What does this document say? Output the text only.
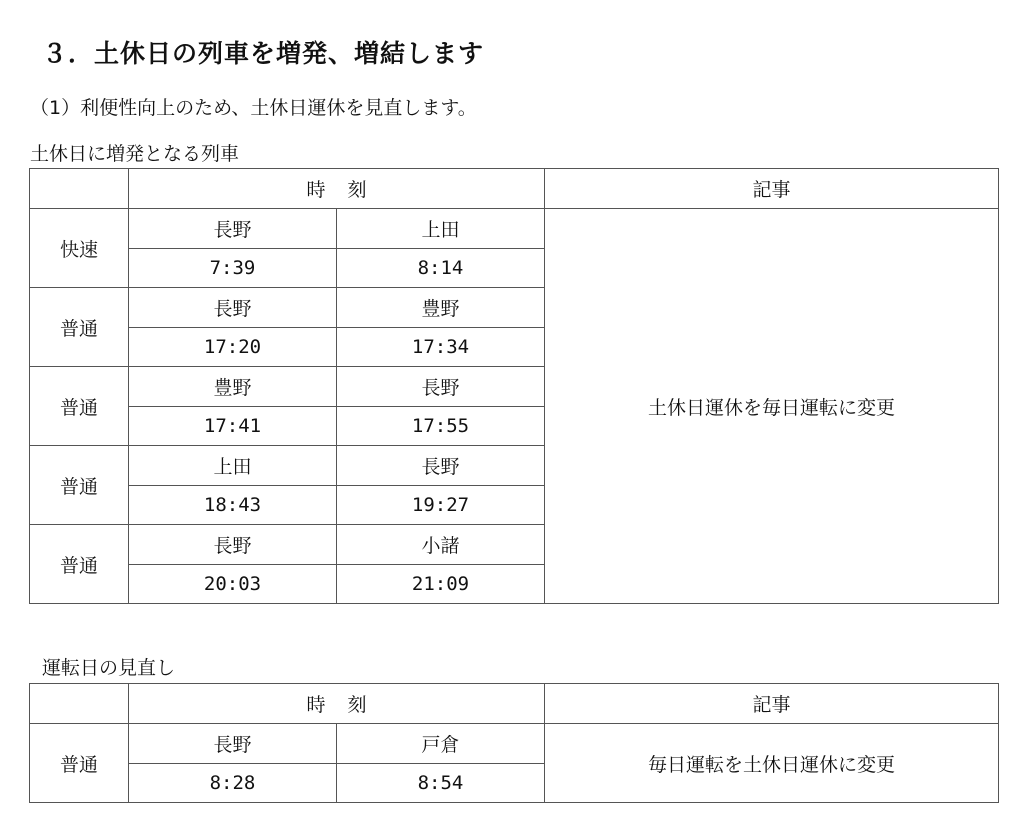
３．土休日の列車を増発、増結します
（1）利便性向上のため、土休日運休を見直します。
土休日に増発となる列車
	時 刻		記事
快速	長野	上田	土休日運休を毎日運転に変更
	7:39	8:14	
普通	長野	豊野	
	17:20	17:34	
普通	豊野	長野	
	17:41	17:55	
普通	上田	長野	
	18:43	19:27	
普通	長野	小諸	
	20:03	21:09	
運転日の見直し
	時 刻		記事
普通	長野	戸倉	毎日運転を土休日運休に変更
	8:28	8:54	
